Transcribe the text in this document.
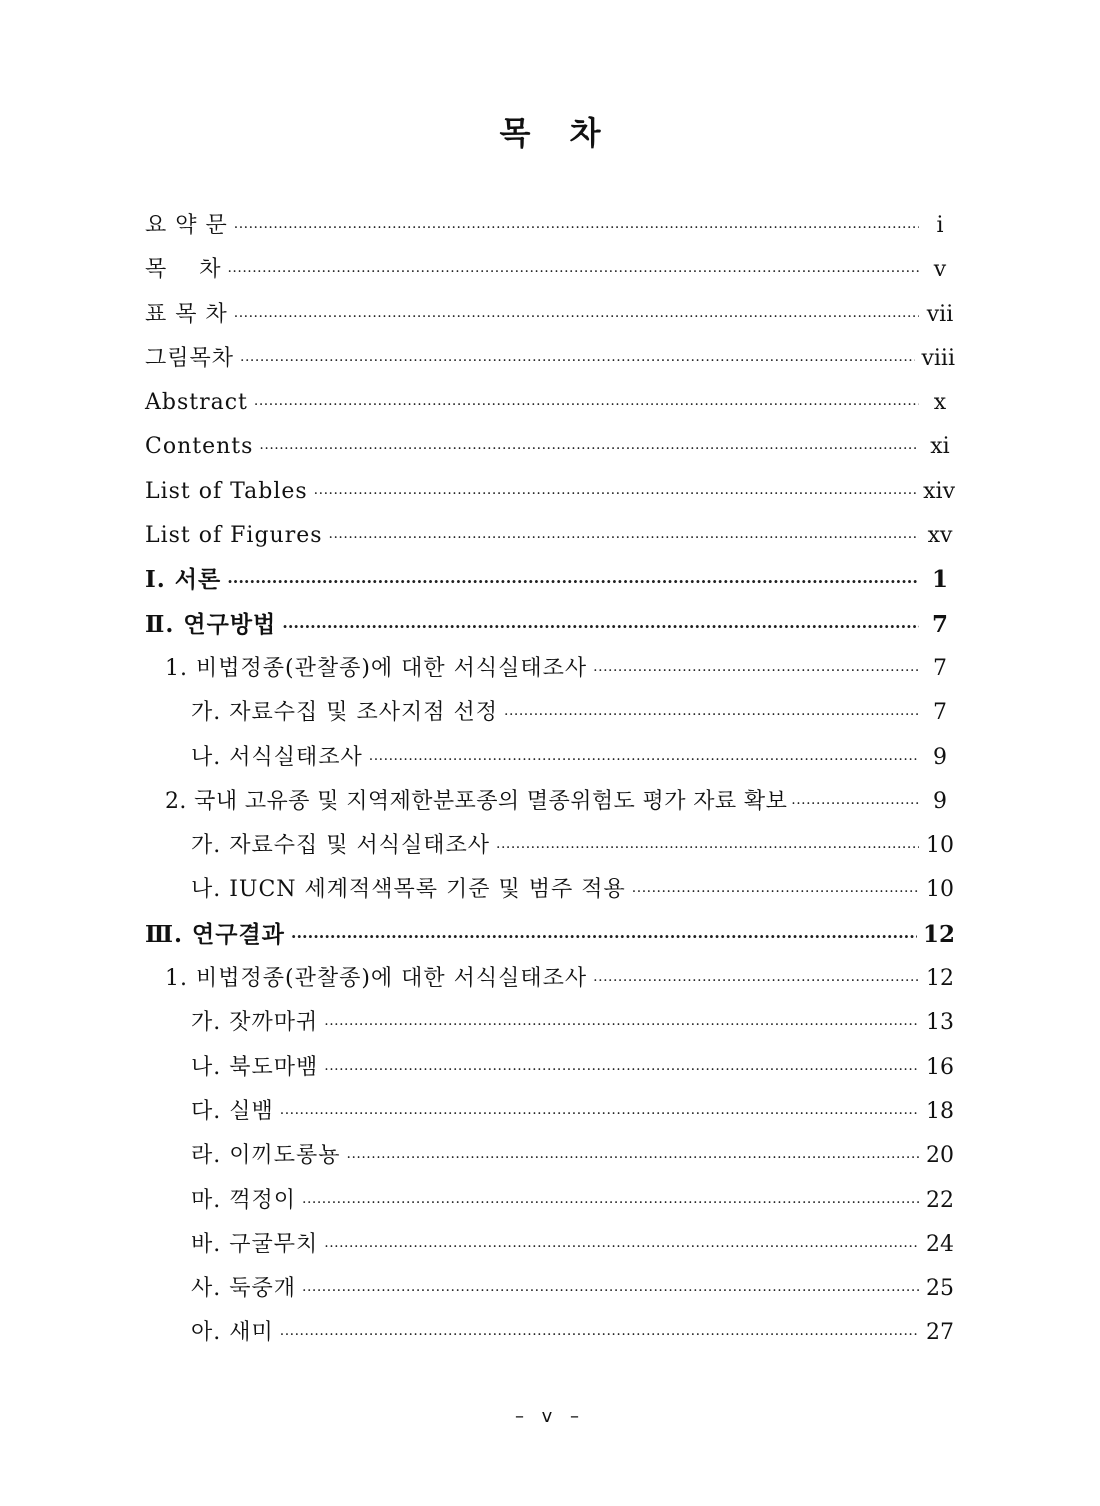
목 차
요 약 문 ·····	i
목    차 ·····	v
표 목 차 ·····	vii
그림목차 ·····	viii
Abstract ·····	x
Contents ·····	xi
List of Tables ·····	xiv
List of Figures ·····	xv
Ⅰ. 서론 ·····	1
Ⅱ. 연구방법 ·····	7
1. 비법정종(관찰종)에 대한 서식실태조사 ·····	7
가. 자료수집 및 조사지점 선정 ·····	7
나. 서식실태조사 ·····	9
2. 국내 고유종 및 지역제한분포종의 멸종위험도 평가 자료 확보 ·····	9
가. 자료수집 및 서식실태조사 ·····	10
나. IUCN 세계적색목록 기준 및 범주 적용 ·····	10
Ⅲ. 연구결과 ·····	12
1. 비법정종(관찰종)에 대한 서식실태조사 ·····	12
가. 잣까마귀 ·····	13
나. 북도마뱀 ·····	16
다. 실뱀 ·····	18
라. 이끼도롱뇽 ·····	20
마. 꺽정이 ·····	22
바. 구굴무치 ·····	24
사. 둑중개 ·····	25
아. 새미 ·····	27
– v –
